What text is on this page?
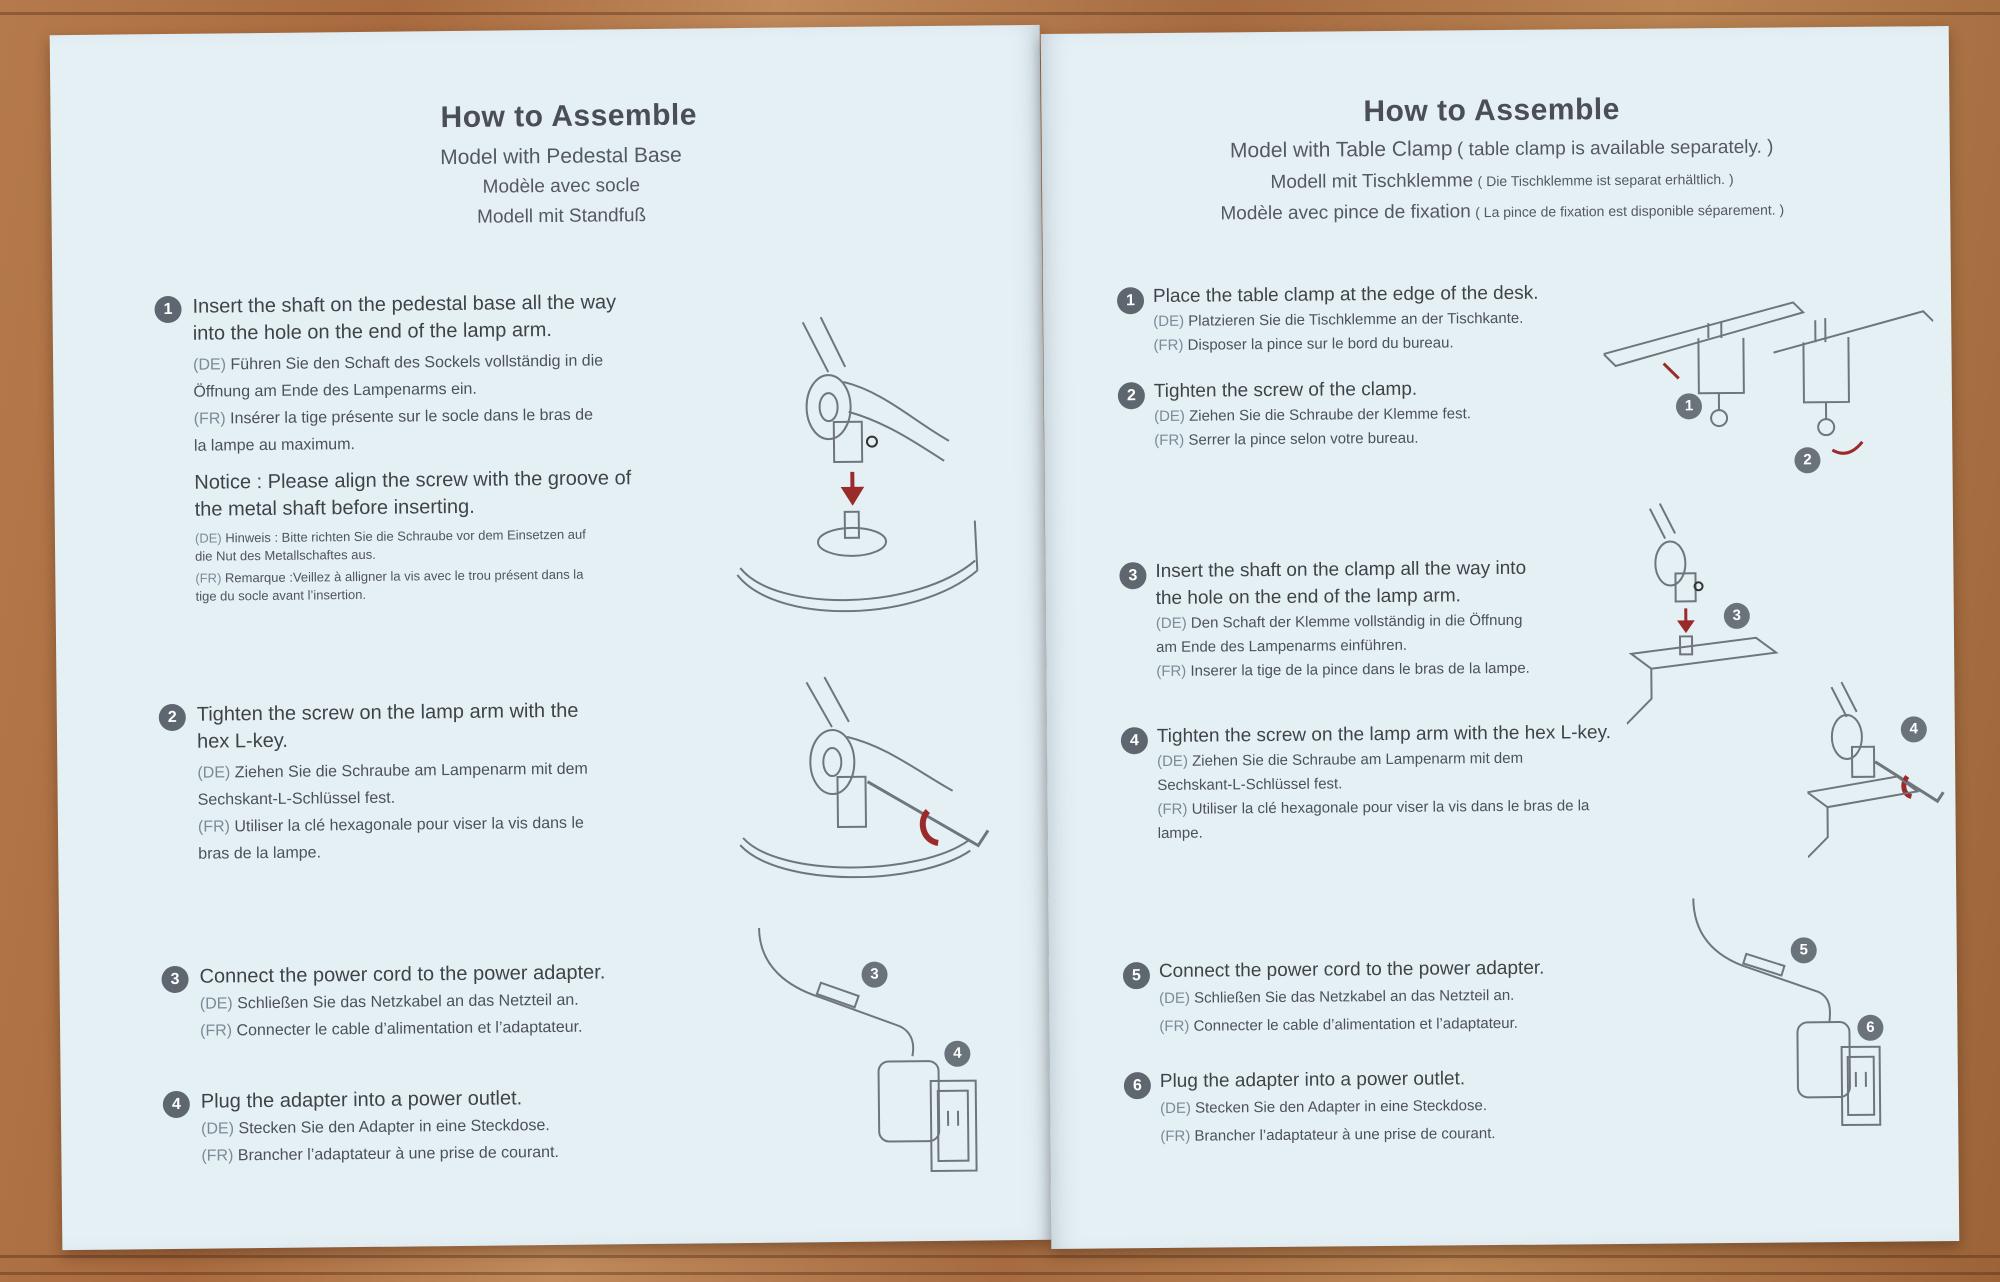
How to Assemble
Model with Pedestal Base
Modèle avec socle
Modell mit Standfuß
1 Insert the shaft on the pedestal base all the way
into the hole on the end of the lamp arm.
(DE) Führen Sie den Schaft des Sockels vollständig in die
Öffnung am Ende des Lampenarms ein.
(FR) Insérer la tige présente sur le socle dans le bras de
la lampe au maximum.
Notice : Please align the screw with the groove of
the metal shaft before inserting.
(DE) Hinweis : Bitte richten Sie die Schraube vor dem Einsetzen auf
die Nut des Metallschaftes aus.
(FR) Remarque :Veillez à alligner la vis avec le trou présent dans la
tige du socle avant l’insertion.
2 Tighten the screw on the lamp arm with the
hex L-key.
(DE) Ziehen Sie die Schraube am Lampenarm mit dem
Sechskant-L-Schlüssel fest.
(FR) Utiliser la clé hexagonale pour viser la vis dans le
bras de la lampe.
3 Connect the power cord to the power adapter.
(DE) Schließen Sie das Netzkabel an das Netzteil an.
(FR) Connecter le cable d’alimentation et l’adaptateur.
4 Plug the adapter into a power outlet.
(DE) Stecken Sie den Adapter in eine Steckdose.
(FR) Brancher l’adaptateur à une prise de courant.
3
4
How to Assemble
Model with Table Clamp ( table clamp is available separately. )
Modell mit Tischklemme ( Die Tischklemme ist separat erhältlich. )
Modèle avec pince de fixation ( La pince de fixation est disponible séparement. )
1 Place the table clamp at the edge of the desk.
(DE) Platzieren Sie die Tischklemme an der Tischkante.
(FR) Disposer la pince sur le bord du bureau.
2 Tighten the screw of the clamp.
(DE) Ziehen Sie die Schraube der Klemme fest.
(FR) Serrer la pince selon votre bureau.
3 Insert the shaft on the clamp all the way into
the hole on the end of the lamp arm.
(DE) Den Schaft der Klemme vollständig in die Öffnung
am Ende des Lampenarms einführen.
(FR) Inserer la tige de la pince dans le bras de la lampe.
4 Tighten the screw on the lamp arm with the hex L-key.
(DE) Ziehen Sie die Schraube am Lampenarm mit dem
Sechskant-L-Schlüssel fest.
(FR) Utiliser la clé hexagonale pour viser la vis dans le bras de la
lampe.
5 Connect the power cord to the power adapter.
(DE) Schließen Sie das Netzkabel an das Netzteil an.
(FR) Connecter le cable d’alimentation et l’adaptateur.
6 Plug the adapter into a power outlet.
(DE) Stecken Sie den Adapter in eine Steckdose.
(FR) Brancher l’adaptateur à une prise de courant.
1
2
3
4
5
6
